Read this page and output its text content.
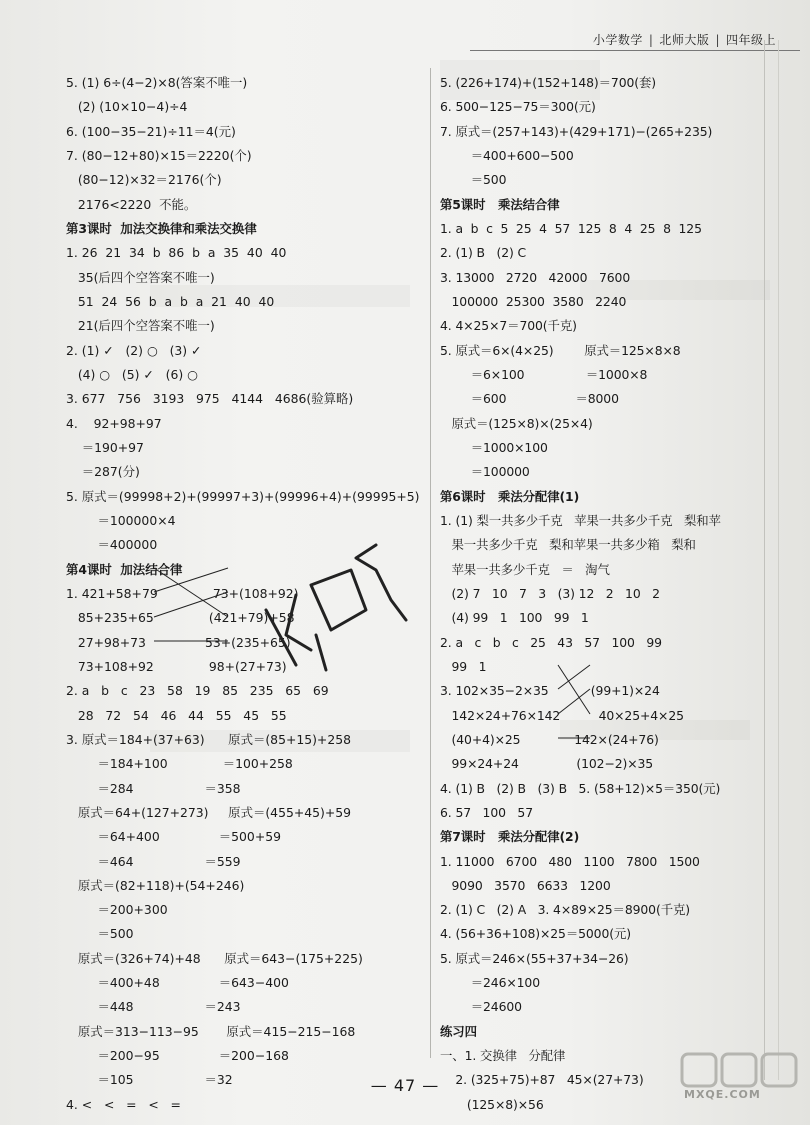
小学数学 | 北师大版 | 四年级上
5. (1) 6÷(4−2)×8(答案不唯一)
(2) (10×10−4)÷4
6. (100−35−21)÷11＝4(元)
7. (80−12+80)×15＝2220(个)
(80−12)×32＝2176(个)
2176<2220  不能。
第3课时  加法交换律和乘法交换律
1. 26  21  34  b  86  b  a  35  40  40
35(后四个空答案不唯一)
51  24  56  b  a  b  a  21  40  40
21(后四个空答案不唯一)
2. (1) ✓   (2) ○   (3) ✓
(4) ○   (5) ✓   (6) ○
3. 677   756   3193   975   4144   4686(验算略)
4.    92+98+97
＝190+97
＝287(分)
5. 原式＝(99998+2)+(99997+3)+(99996+4)+(99995+5)
＝100000×4
＝400000
第4课时  加法结合律
1. 421+58+79              73+(108+92)
85+235+65              (421+79)+58
27+98+73               53+(235+65)
73+108+92              98+(27+73)
2. a   b   c   23   58   19   85   235   65   69
28   72   54   46   44   55   45   55
3. 原式＝184+(37+63)      原式＝(85+15)+258
＝184+100              ＝100+258
＝284                  ＝358
原式＝64+(127+273)     原式＝(455+45)+59
＝64+400               ＝500+59
＝464                  ＝559
原式＝(82+118)+(54+246)
＝200+300
＝500
原式＝(326+74)+48      原式＝643−(175+225)
＝400+48               ＝643−400
＝448                  ＝243
原式＝313−113−95       原式＝415−215−168
＝200−95               ＝200−168
＝105                  ＝32
4. <   <   =   <   =
5. (226+174)+(152+148)＝700(套)
6. 500−125−75＝300(元)
7. 原式＝(257+143)+(429+171)−(265+235)
＝400+600−500
＝500
第5课时   乘法结合律
1. a  b  c  5  25  4  57  125  8  4  25  8  125
2. (1) B   (2) C
3. 13000   2720   42000   7600
100000  25300  3580   2240
4. 4×25×7＝700(千克)
5. 原式＝6×(4×25)        原式＝125×8×8
＝6×100                ＝1000×8
＝600                  ＝8000
原式＝(125×8)×(25×4)
＝1000×100
＝100000
第6课时   乘法分配律(1)
1. (1) 梨一共多少千克   苹果一共多少千克   梨和苹
果一共多少千克   梨和苹果一共多少箱   梨和
苹果一共多少千克   ＝   淘气
(2) 7   10   7   3   (3) 12   2   10   2
(4) 99   1   100   99   1
2. a   c   b   c   25   43   57   100   99
99   1
3. 102×35−2×35           (99+1)×24
142×24+76×142          40×25+4×25
(40+4)×25              142×(24+76)
99×24+24               (102−2)×35
4. (1) B   (2) B   (3) B   5. (58+12)×5＝350(元)
6. 57   100   57
第7课时   乘法分配律(2)
1. 11000   6700   480   1100   7800   1500
9090   3570   6633   1200
2. (1) C   (2) A   3. 4×89×25＝8900(千克)
4. (56+36+108)×25＝5000(元)
5. 原式＝246×(55+37+34−26)
＝246×100
＝24600
练习四
一、1. 交换律   分配律
2. (325+75)+87   45×(27+73)
(125×8)×56
— 47 —	MXQE.COM
